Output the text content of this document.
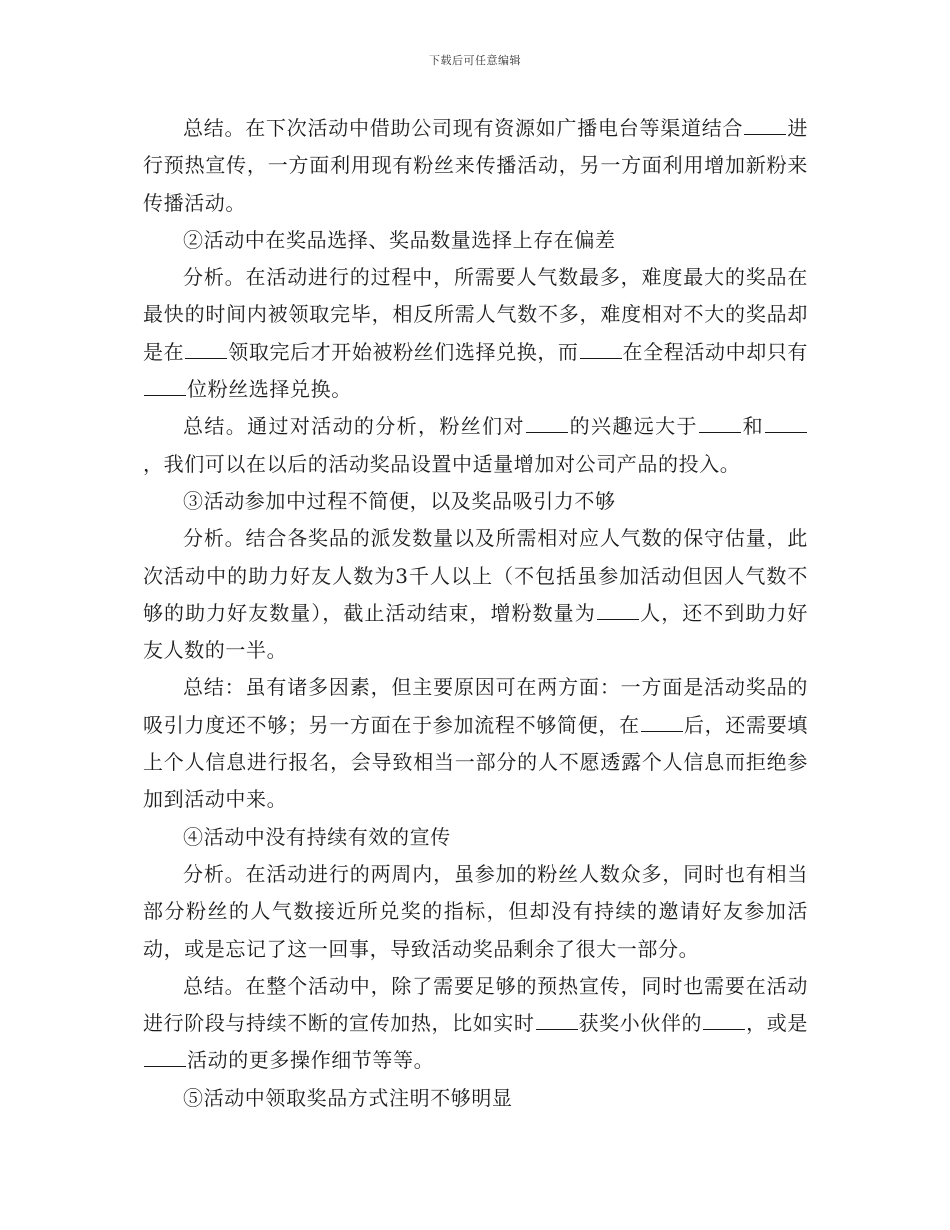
下载后可任意编辑

总结。在下次活动中借助公司现有资源如广播电台等渠道结合 进行预热宣传，一方面利用现有粉丝来传播活动，另一方面利用增加新粉来传播活动。

②活动中在奖品选择、奖品数量选择上存在偏差

分析。在活动进行的过程中，所需要人气数最多，难度最大的奖品在最快的时间内被领取完毕，相反所需人气数不多，难度相对不大的奖品却是在 领取完后才开始被粉丝们选择兑换，而 在全程活动中却只有位粉丝选择兑换。

总结。通过对活动的分析，粉丝们对 的兴趣远大于 和，我们可以在以后的活动奖品设置中适量增加对公司产品的投入。

③活动参加中过程不简便，以及奖品吸引力不够

分析。结合各奖品的派发数量以及所需相对应人气数的保守估量，此次活动中的助力好友人数为3千人以上（不包括虽参加活动但因人气数不够的助力好友数量），截止活动结束，增粉数量为 人，还不到助力好友人数的一半。

总结：虽有诸多因素，但主要原因可在两方面：一方面是活动奖品的吸引力度还不够；另一方面在于参加流程不够简便，在 后，还需要填上个人信息进行报名，会导致相当一部分的人不愿透露个人信息而拒绝参加到活动中来。

④活动中没有持续有效的宣传

分析。在活动进行的两周内，虽参加的粉丝人数众多，同时也有相当部分粉丝的人气数接近所兑奖的指标，但却没有持续的邀请好友参加活动，或是忘记了这一回事，导致活动奖品剩余了很大一部分。

总结。在整个活动中，除了需要足够的预热宣传，同时也需要在活动进行阶段与持续不断的宣传加热，比如实时 获奖小伙伴的 ，或是活动的更多操作细节等等。

⑤活动中领取奖品方式注明不够明显
